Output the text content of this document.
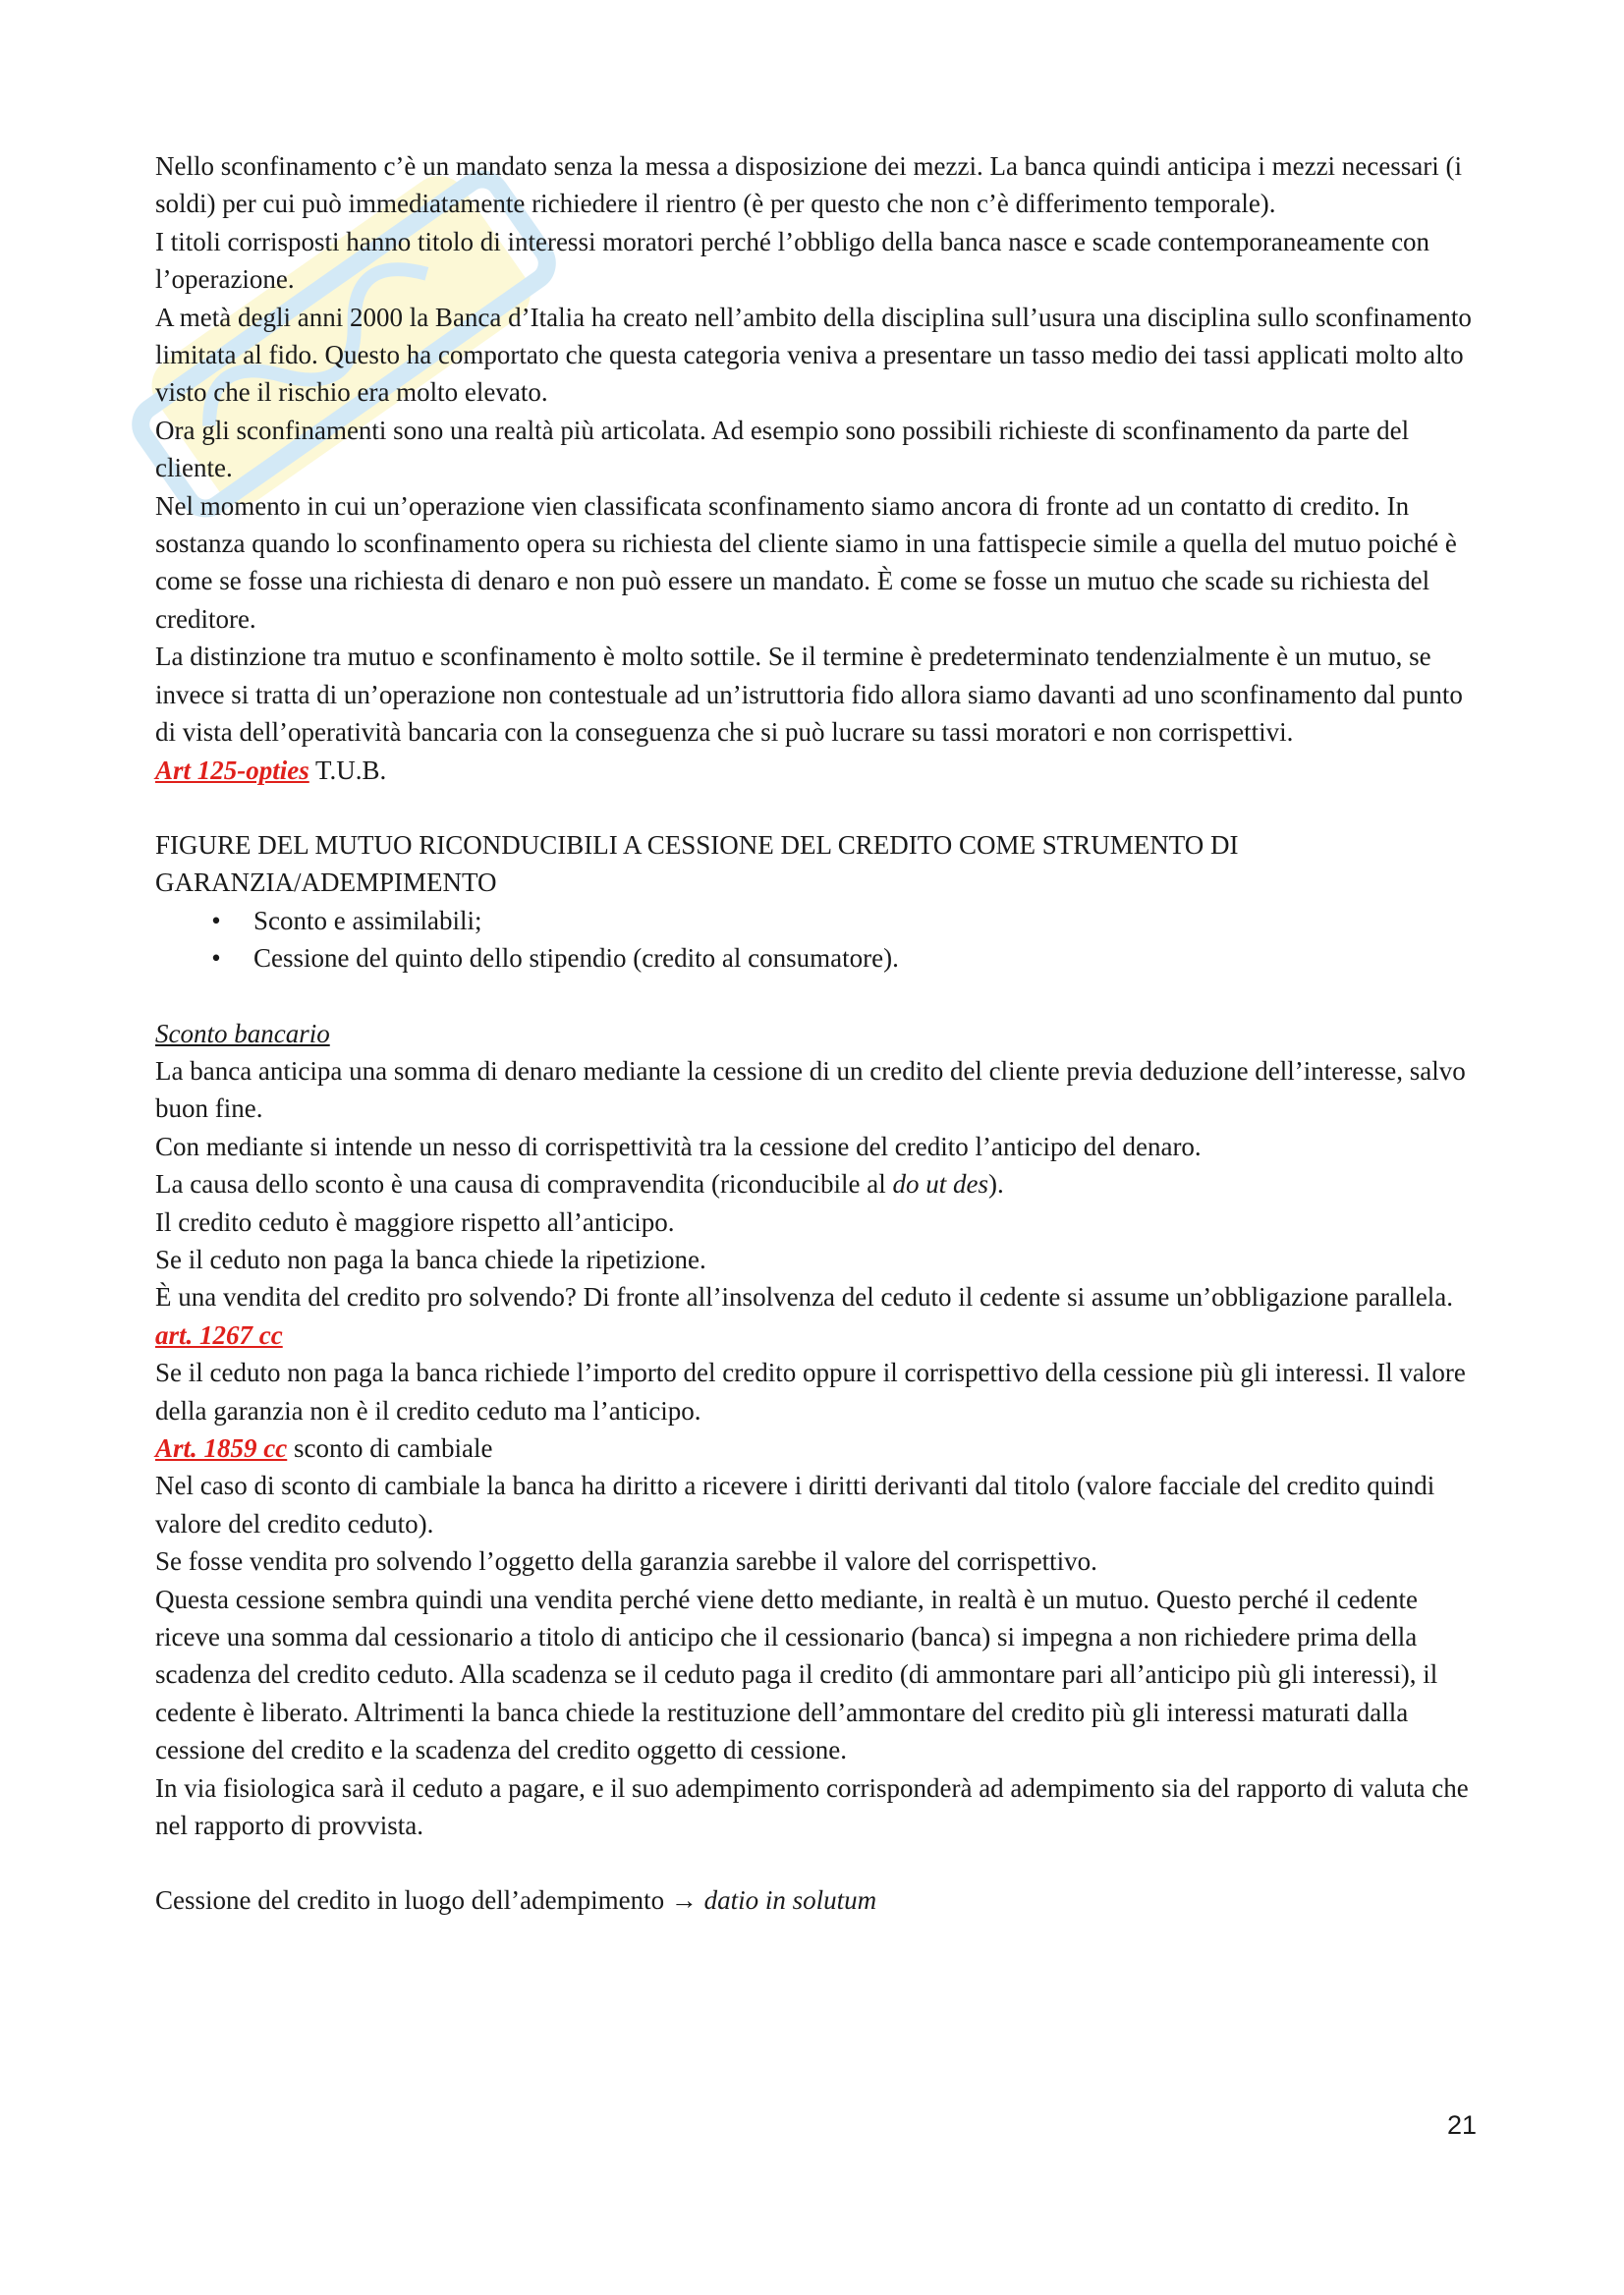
Nello sconfinamento c’è un mandato senza la messa a disposizione dei mezzi. La banca quindi anticipa i mezzi necessari (i soldi) per cui può immediatamente richiedere il rientro (è per questo che non c’è differimento temporale).

I titoli corrisposti hanno titolo di interessi moratori perché l’obbligo della banca nasce e scade contemporaneamente con l’operazione.

A metà degli anni 2000 la Banca d’Italia ha creato nell’ambito della disciplina sull’usura una disciplina sullo sconfinamento limitata al fido. Questo ha comportato che questa categoria veniva a presentare un tasso medio dei tassi applicati molto alto visto che il rischio era molto elevato.

Ora gli sconfinamenti sono una realtà più articolata. Ad esempio sono possibili richieste di sconfinamento da parte del cliente.

Nel momento in cui un’operazione vien classificata sconfinamento siamo ancora di fronte ad un contatto di credito. In sostanza quando lo sconfinamento opera su richiesta del cliente siamo in una fattispecie simile a quella del mutuo poiché è come se fosse una richiesta di denaro e non può essere un mandato. È come se fosse un mutuo che scade su richiesta del creditore.

La distinzione tra mutuo e sconfinamento è molto sottile. Se il termine è predeterminato tendenzialmente è un mutuo, se invece si tratta di un’operazione non contestuale ad un’istruttoria fido allora siamo davanti ad uno sconfinamento dal punto di vista dell’operatività bancaria con la conseguenza che si può lucrare su tassi moratori e non corrispettivi.

Art 125-opties T.U.B.

FIGURE DEL MUTUO RICONDUCIBILI A CESSIONE DEL CREDITO COME STRUMENTO DI GARANZIA/ADEMPIMENTO

• Sconto e assimilabili;
• Cessione del quinto dello stipendio (credito al consumatore).

Sconto bancario

La banca anticipa una somma di denaro mediante la cessione di un credito del cliente previa deduzione dell’interesse, salvo buon fine.

Con mediante si intende un nesso di corrispettività tra la cessione del credito l’anticipo del denaro.

La causa dello sconto è una causa di compravendita (riconducibile al do ut des).

Il credito ceduto è maggiore rispetto all’anticipo.

Se il ceduto non paga la banca chiede la ripetizione.

È una vendita del credito pro solvendo? Di fronte all’insolvenza del ceduto il cedente si assume un’obbligazione parallela.

art. 1267 cc

Se il ceduto non paga la banca richiede l’importo del credito oppure il corrispettivo della cessione più gli interessi. Il valore della garanzia non è il credito ceduto ma l’anticipo.

Art. 1859 cc sconto di cambiale

Nel caso di sconto di cambiale la banca ha diritto a ricevere i diritti derivanti dal titolo (valore facciale del credito quindi valore del credito ceduto).

Se fosse vendita pro solvendo l’oggetto della garanzia sarebbe il valore del corrispettivo.

Questa cessione sembra quindi una vendita perché viene detto mediante, in realtà è un mutuo. Questo perché il cedente riceve una somma dal cessionario a titolo di anticipo che il cessionario (banca) si impegna a non richiedere prima della scadenza del credito ceduto. Alla scadenza se il ceduto paga il credito (di ammontare pari all’anticipo più gli interessi), il cedente è liberato. Altrimenti la banca chiede la restituzione dell’ammontare del credito più gli interessi maturati dalla cessione del credito e la scadenza del credito oggetto di cessione.

In via fisiologica sarà il ceduto a pagare, e il suo adempimento corrisponderà ad adempimento sia del rapporto di valuta che nel rapporto di provvista.

Cessione del credito in luogo dell’adempimento → datio in solutum

21
